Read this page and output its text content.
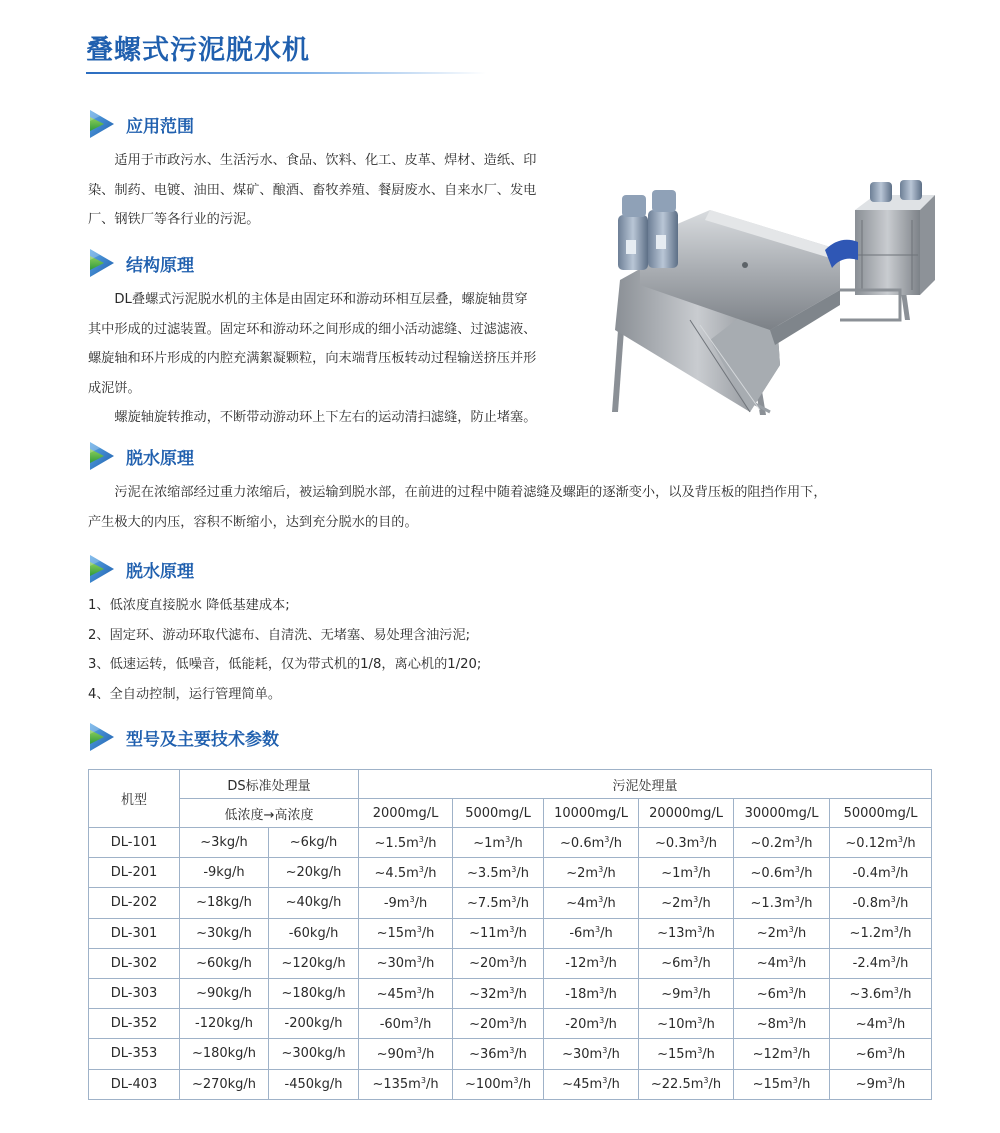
叠螺式污泥脱水机
应用范围
适用于市政污水、生活污水、食品、饮料、化工、皮革、焊材、造纸、印
染、制药、电镀、油田、煤矿、酿酒、畜牧养殖、餐厨废水、自来水厂、发电
厂、钢铁厂等各行业的污泥。
结构原理
DL叠螺式污泥脱水机的主体是由固定环和游动环相互层叠，螺旋轴贯穿
其中形成的过滤装置。固定环和游动环之间形成的细小活动滤缝、过滤滤液、
螺旋轴和环片形成的内腔充满絮凝颗粒，向末端背压板转动过程输送挤压并形
成泥饼。
螺旋轴旋转推动，不断带动游动环上下左右的运动清扫滤缝，防止堵塞。
脱水原理
污泥在浓缩部经过重力浓缩后，被运输到脱水部，在前进的过程中随着滤缝及螺距的逐渐变小，以及背压板的阻挡作用下，
产生极大的内压，容积不断缩小，达到充分脱水的目的。
脱水原理
1、低浓度直接脱水 降低基建成本;
2、固定环、游动环取代滤布、自清洗、无堵塞、易处理含油污泥;
3、低速运转，低噪音，低能耗，仅为带式机的1/8，离心机的1/20;
4、全自动控制，运行管理简单。
型号及主要技术参数
机型	DS标准处理量		污泥处理量					
	低浓度→高浓度		2000mg/L	5000mg/L	10000mg/L	20000mg/L	30000mg/L	50000mg/L
DL-101	~3kg/h	~6kg/h	$\sim 1.5m^3/h$	$\sim 1m^3/h$	$\sim 0.6m^3/h$	$\sim 0.3m^3/h$	$\sim 0.2m^3/h$	$\sim 0.12m^3/h$
DL-201	-9kg/h	~20kg/h	$\sim 4.5m^3/h$	$\sim 3.5m^3/h$	$\sim 2m^3/h$	$\sim 1m^3/h$	$\sim 0.6m^3/h$	$-0.4m^3/h$
DL-202	~18kg/h	~40kg/h	$-9m^3/h$	$\sim 7.5m^3/h$	$\sim 4m^3/h$	$\sim 2m^3/h$	$\sim 1.3m^3/h$	$-0.8m^3/h$
DL-301	~30kg/h	-60kg/h	$\sim 15m^3/h$	$\sim 11m^3/h$	$-6m^3/h$	$\sim 13m^3/h$	$\sim 2m^3/h$	$\sim 1.2m^3/h$
DL-302	~60kg/h	~120kg/h	$\sim 30m^3/h$	$\sim 20m^3/h$	$-12m^3/h$	$\sim 6m^3/h$	$\sim 4m^3/h$	$-2.4m^3/h$
DL-303	~90kg/h	~180kg/h	$\sim 45m^3/h$	$\sim 32m^3/h$	$-18m^3/h$	$\sim 9m^3/h$	$\sim 6m^3/h$	$\sim 3.6m^3/h$
DL-352	-120kg/h	-200kg/h	$-60m^3/h$	$\sim 20m^3/h$	$-20m^3/h$	$\sim 10m^3/h$	$\sim 8m^3/h$	$\sim 4m^3/h$
DL-353	~180kg/h	~300kg/h	$\sim 90m^3/h$	$\sim 36m^3/h$	$\sim 30m^3/h$	$\sim 15m^3/h$	$\sim 12m^3/h$	$\sim 6m^3/h$
DL-403	~270kg/h	-450kg/h	$\sim 135m^3/h$	$\sim 100m^3/h$	$\sim 45m^3/h$	$\sim 22.5m^3/h$	$\sim 15m^3/h$	$\sim 9m^3/h$
